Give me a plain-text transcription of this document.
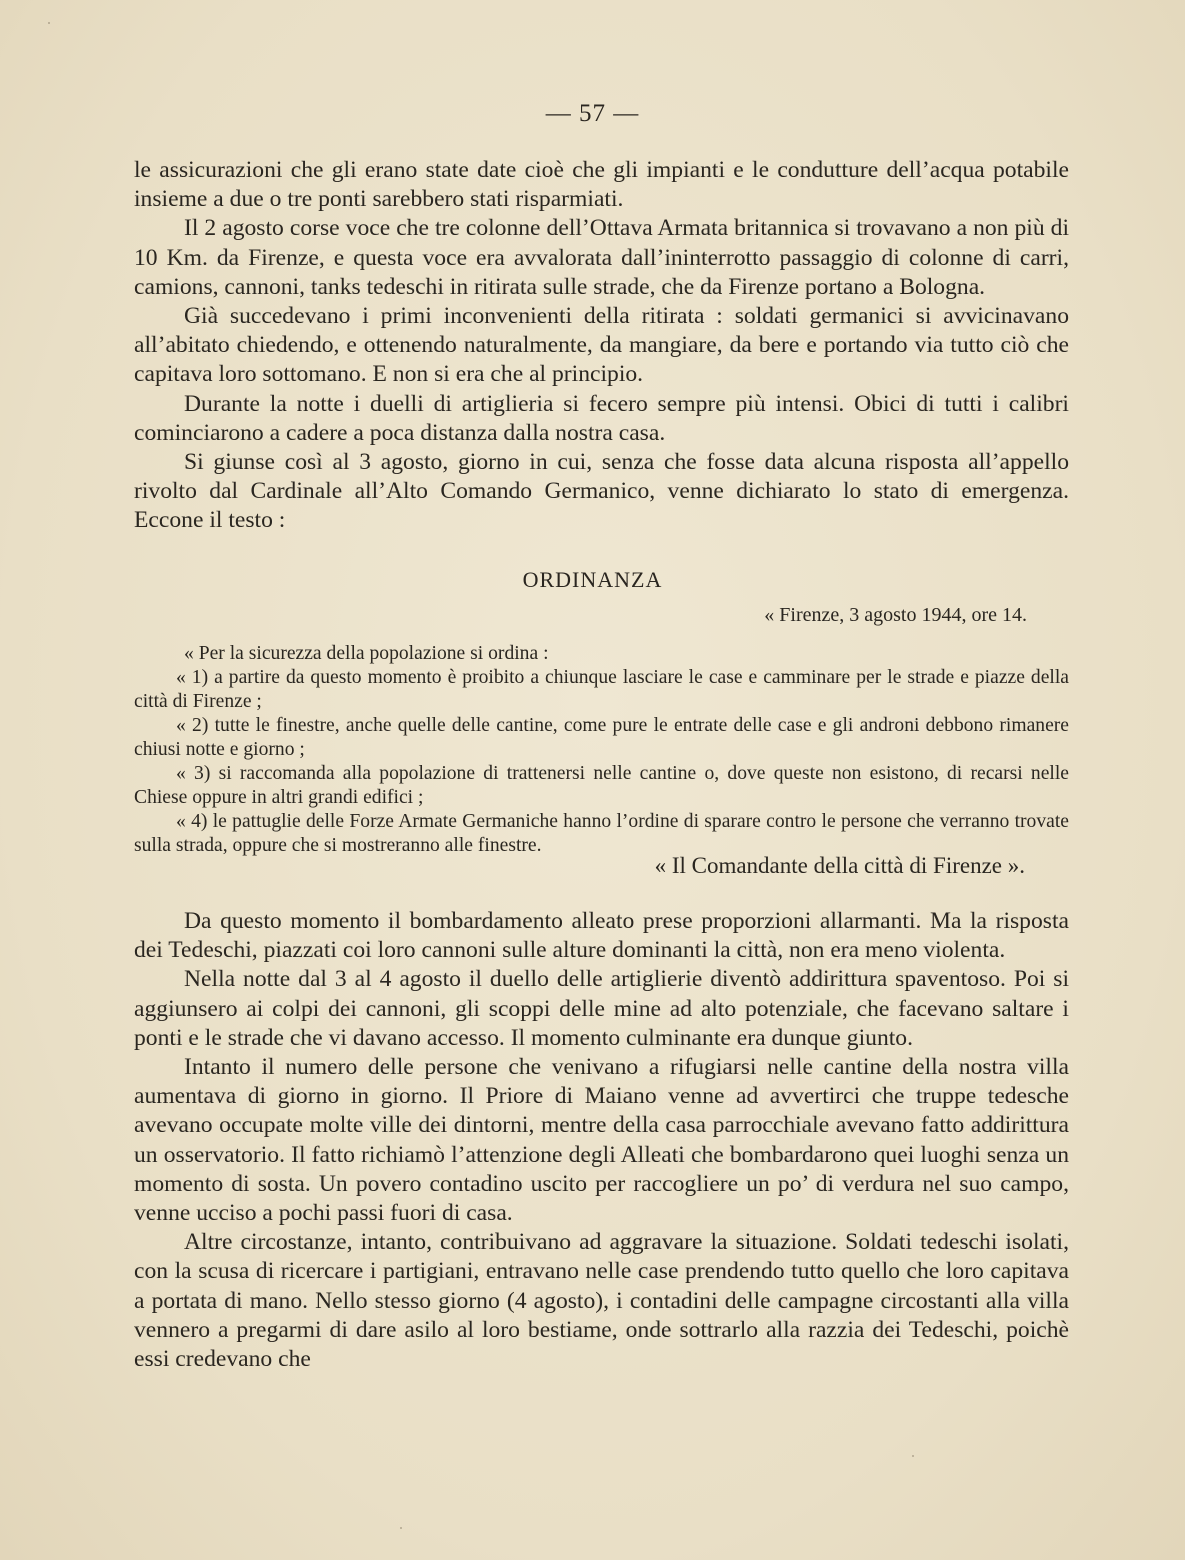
— 57 —

le assicurazioni che gli erano state date cioè che gli impianti e le condutture dell’acqua potabile insieme a due o tre ponti sarebbero stati risparmiati.

Il 2 agosto corse voce che tre colonne dell’Ottava Armata britannica si trovavano a non più di 10 Km. da Firenze, e questa voce era avvalorata dall’ininterrotto passaggio di colonne di carri, camions, cannoni, tanks tedeschi in ritirata sulle strade, che da Firenze portano a Bologna.

Già succedevano i primi inconvenienti della ritirata : soldati germanici si avvicinavano all’abitato chiedendo, e ottenendo naturalmente, da mangiare, da bere e portando via tutto ciò che capitava loro sottomano. E non si era che al principio.

Durante la notte i duelli di artiglieria si fecero sempre più intensi. Obici di tutti i calibri cominciarono a cadere a poca distanza dalla nostra casa.

Si giunse così al 3 agosto, giorno in cui, senza che fosse data alcuna risposta all’appello rivolto dal Cardinale all’Alto Comando Germanico, venne dichiarato lo stato di emergenza. Eccone il testo :

ORDINANZA
« Firenze, 3 agosto 1944, ore 14.

« Per la sicurezza della popolazione si ordina :

« 1) a partire da questo momento è proibito a chiunque lasciare le case e camminare per le strade e piazze della città di Firenze ;

« 2) tutte le finestre, anche quelle delle cantine, come pure le entrate delle case e gli androni debbono rimanere chiusi notte e giorno ;

« 3) si raccomanda alla popolazione di trattenersi nelle cantine o, dove queste non esistono, di recarsi nelle Chiese oppure in altri grandi edifici ;

« 4) le pattuglie delle Forze Armate Germaniche hanno l’ordine di sparare contro le persone che verranno trovate sulla strada, oppure che si mostreranno alle finestre.

« Il Comandante della città di Firenze ».

Da questo momento il bombardamento alleato prese proporzioni allarmanti. Ma la risposta dei Tedeschi, piazzati coi loro cannoni sulle alture dominanti la città, non era meno violenta.

Nella notte dal 3 al 4 agosto il duello delle artiglierie diventò addirittura spaventoso. Poi si aggiunsero ai colpi dei cannoni, gli scoppi delle mine ad alto potenziale, che facevano saltare i ponti e le strade che vi davano accesso. Il momento culminante era dunque giunto.

Intanto il numero delle persone che venivano a rifugiarsi nelle cantine della nostra villa aumentava di giorno in giorno. Il Priore di Maiano venne ad avvertirci che truppe tedesche avevano occupate molte ville dei dintorni, mentre della casa parrocchiale avevano fatto addirittura un osservatorio. Il fatto richiamò l’attenzione degli Alleati che bombardarono quei luoghi senza un momento di sosta. Un povero contadino uscito per raccogliere un po’ di verdura nel suo campo, venne ucciso a pochi passi fuori di casa.

Altre circostanze, intanto, contribuivano ad aggravare la situazione. Soldati tedeschi isolati, con la scusa di ricercare i partigiani, entravano nelle case prendendo tutto quello che loro capitava a portata di mano. Nello stesso giorno (4 agosto), i contadini delle campagne circostanti alla villa vennero a pregarmi di dare asilo al loro bestiame, onde sottrarlo alla razzia dei Tedeschi, poichè essi credevano che
